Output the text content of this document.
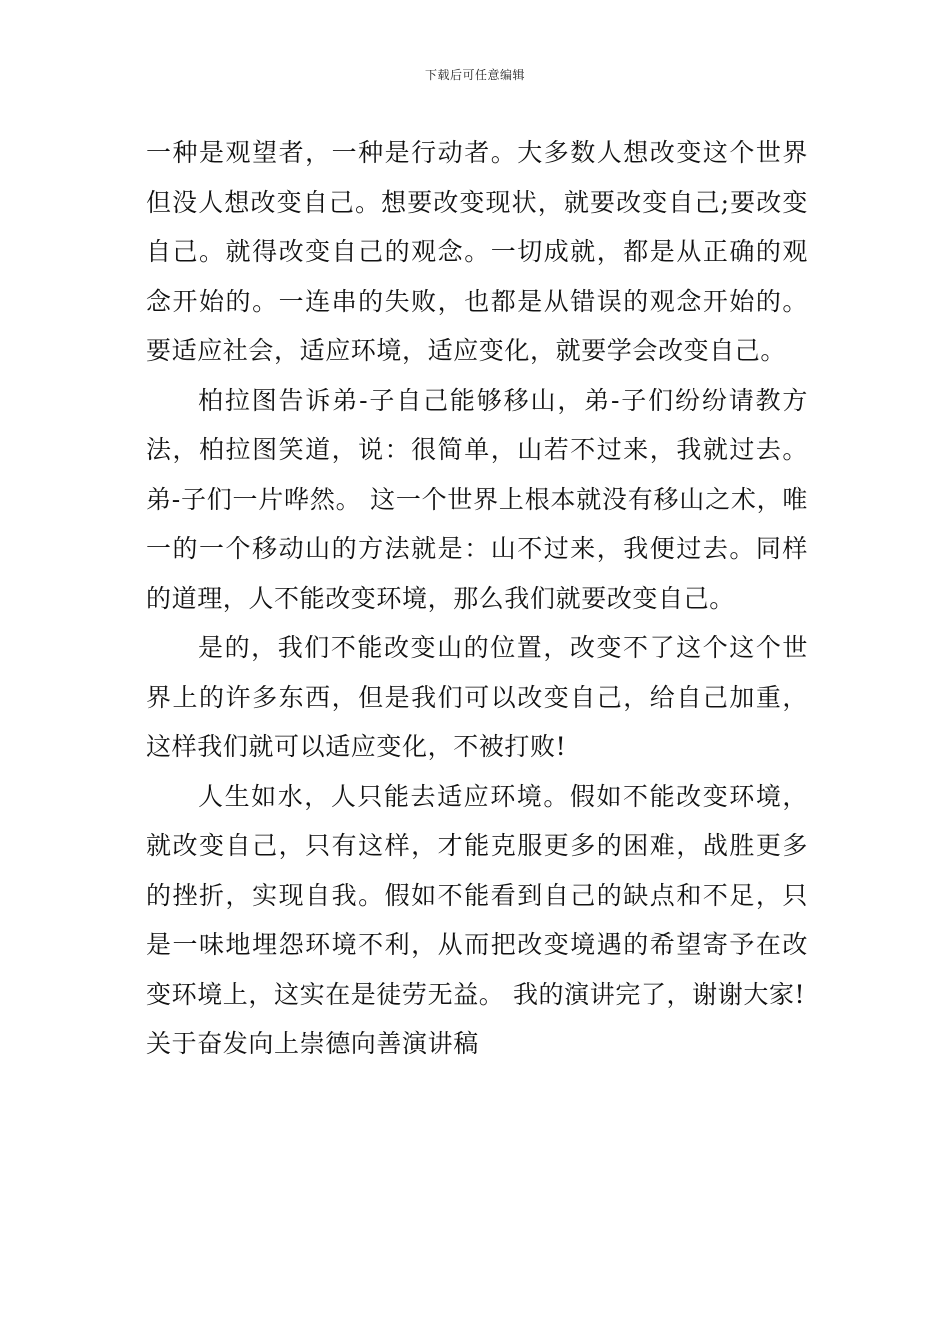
下载后可任意编辑

一种是观望者，一种是行动者。大多数人想改变这个世界但没人想改变自己。想要改变现状，就要改变自己;要改变自己。就得改变自己的观念。一切成就，都是从正确的观念开始的。一连串的失败，也都是从错误的观念开始的。要适应社会，适应环境，适应变化，就要学会改变自己。

柏拉图告诉弟-子自己能够移山，弟-子们纷纷请教方法，柏拉图笑道，说：很简单，山若不过来，我就过去。弟-子们一片哗然。 这一个世界上根本就没有移山之术，唯一的一个移动山的方法就是：山不过来，我便过去。同样的道理，人不能改变环境，那么我们就要改变自己。

是的，我们不能改变山的位置，改变不了这个这个世界上的许多东西，但是我们可以改变自己，给自己加重，这样我们就可以适应变化，不被打败!

人生如水，人只能去适应环境。假如不能改变环境，就改变自己，只有这样，才能克服更多的困难，战胜更多的挫折，实现自我。假如不能看到自己的缺点和不足，只是一味地埋怨环境不利，从而把改变境遇的希望寄予在改变环境上，这实在是徒劳无益。 我的演讲完了，谢谢大家!

关于奋发向上崇德向善演讲稿
